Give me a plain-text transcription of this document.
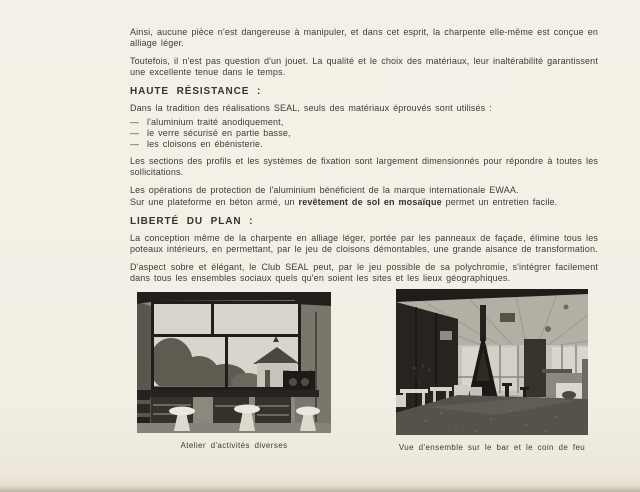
Ainsi, aucune pièce n'est dangereuse à manipuler, et dans cet esprit, la charpente elle-même est conçue en alliage léger.

Toutefois, il n'est pas question d'un jouet. La qualité et le choix des matériaux, leur inaltérabilité garantissent une excellente tenue dans le temps.

HAUTE RÉSISTANCE :

Dans la tradition des réalisations SEAL, seuls des matériaux éprouvés sont utilisés :

— l'aluminium traité anodiquement,
— le verre sécurisé en partie basse,
— les cloisons en ébénisterie.

Les sections des profils et les systèmes de fixation sont largement dimensionnés pour répondre à toutes les sollicitations.

Les opérations de protection de l'aluminium bénéficient de la marque internationale EWAA.

Sur une plateforme en béton armé, un revêtement de sol en mosaïque permet un entretien facile.

LIBERTÉ DU PLAN :

La conception même de la charpente en alliage léger, portée par les panneaux de façade, élimine tous les poteaux intérieurs, en permettant, par le jeu de cloisons démontables, une grande aisance de transformation.

D'aspect sobre et élégant, le Club SEAL peut, par le jeu possible de sa polychromie, s'intégrer facilement dans tous les ensembles sociaux quels qu'en soient les sites et les lieux géographiques.

Atelier d'activités diverses	Vue d'ensemble sur le bar et le coin de feu
